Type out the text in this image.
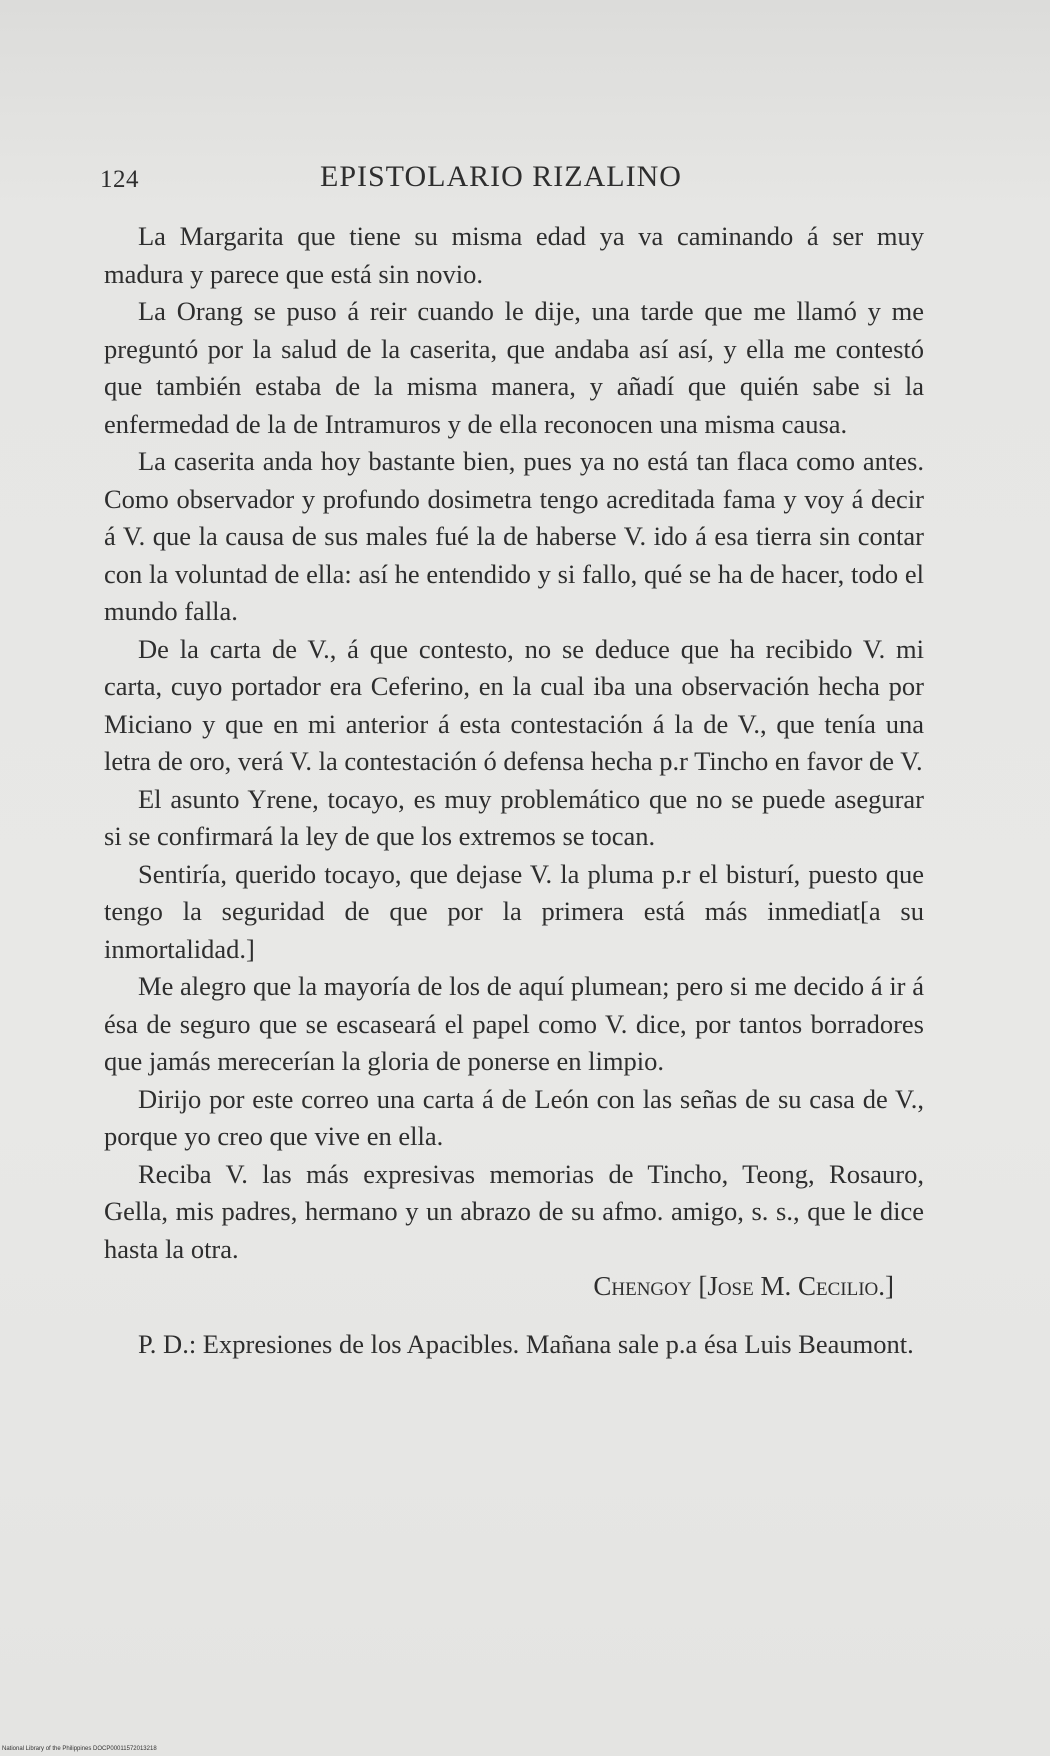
124	EPISTOLARIO RIZALINO

La Margarita que tiene su misma edad ya va caminando á ser muy madura y parece que está sin novio.

La Orang se puso á reir cuando le dije, una tarde que me llamó y me preguntó por la salud de la caserita, que andaba así así, y ella me contestó que también estaba de la misma manera, y añadí que quién sabe si la enfermedad de la de Intramuros y de ella reconocen una misma causa.

La caserita anda hoy bastante bien, pues ya no está tan flaca como antes. Como observador y profundo dosimetra tengo acreditada fama y voy á decir á V. que la causa de sus males fué la de haberse V. ido á esa tierra sin contar con la voluntad de ella: así he entendido y si fallo, qué se ha de hacer, todo el mundo falla.

De la carta de V., á que contesto, no se deduce que ha recibido V. mi carta, cuyo portador era Ceferino, en la cual iba una observación hecha por Miciano y que en mi anterior á esta contestación á la de V., que tenía una letra de oro, verá V. la contestación ó defensa hecha p.r Tincho en favor de V.

El asunto Yrene, tocayo, es muy problemático que no se puede asegurar si se confirmará la ley de que los extremos se tocan.

Sentiría, querido tocayo, que dejase V. la pluma p.r el bisturí, puesto que tengo la seguridad de que por la primera está más inmediat[a su inmortalidad.]

Me alegro que la mayoría de los de aquí plumean; pero si me decido á ir á ésa de seguro que se escaseará el papel como V. dice, por tantos borradores que jamás merecerían la gloria de ponerse en limpio.

Dirijo por este correo una carta á de León con las señas de su casa de V., porque yo creo que vive en ella.

Reciba V. las más expresivas memorias de Tincho, Teong, Rosauro, Gella, mis padres, hermano y un abrazo de su afmo. amigo, s. s., que le dice hasta la otra.

Chengoy [Jose M. Cecilio.]

P. D.: Expresiones de los Apacibles. Mañana sale p.a ésa Luis Beaumont.

National Library of the Philippines DOCP00011572013218
